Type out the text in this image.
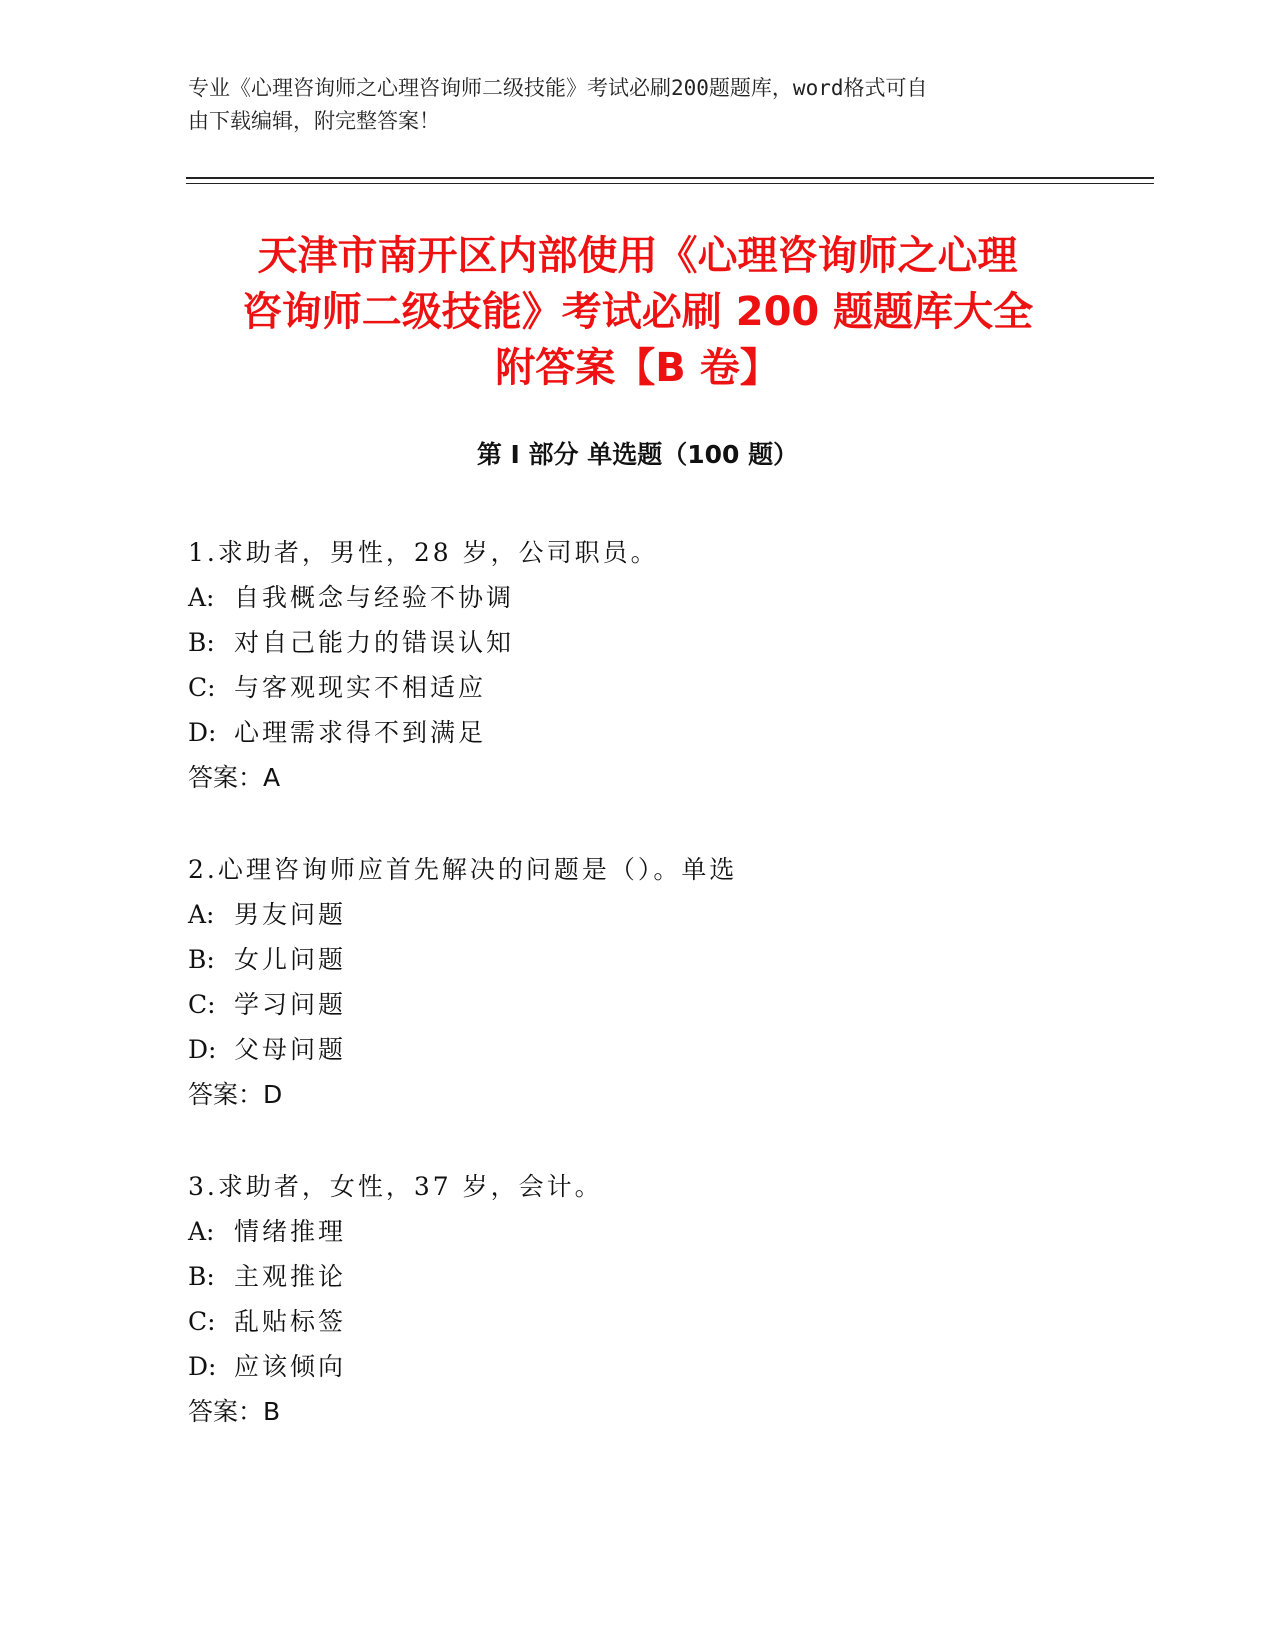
专业《心理咨询师之心理咨询师二级技能》考试必刷200题题库，word格式可自
由下载编辑，附完整答案！
天津市南开区内部使用《心理咨询师之心理
咨询师二级技能》考试必刷 200 题题库大全
附答案【B 卷】
第 I 部分 单选题（100 题）
1.求助者，男性，28 岁，公司职员。
A: 自我概念与经验不协调
B: 对自己能力的错误认知
C: 与客观现实不相适应
D: 心理需求得不到满足
答案：A
2.心理咨询师应首先解决的问题是（）。单选
A: 男友问题
B: 女儿问题
C: 学习问题
D: 父母问题
答案：D
3.求助者，女性，37 岁，会计。
A: 情绪推理
B: 主观推论
C: 乱贴标签
D: 应该倾向
答案：B
